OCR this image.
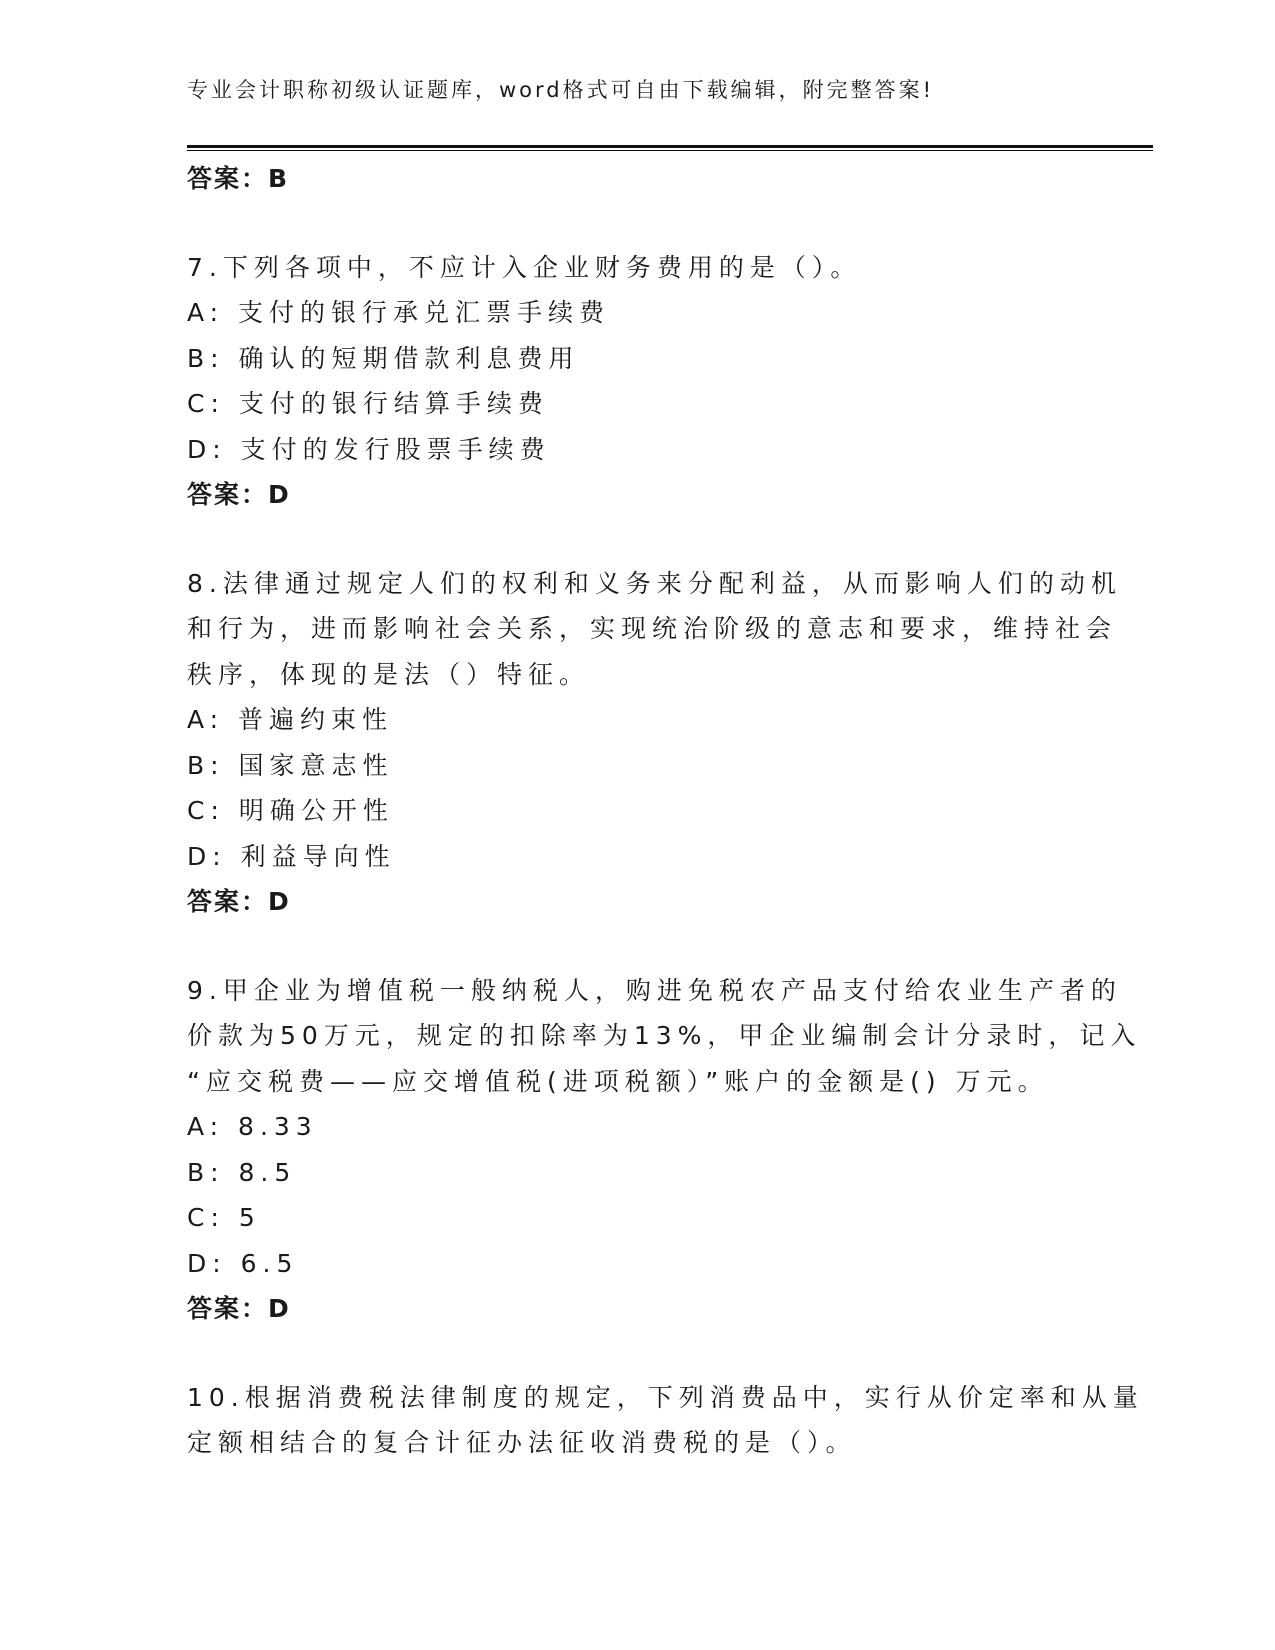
专业会计职称初级认证题库，word格式可自由下载编辑，附完整答案!
答案：B
7.下列各项中，不应计入企业财务费用的是（）。
A: 支付的银行承兑汇票手续费
B: 确认的短期借款利息费用
C: 支付的银行结算手续费
D: 支付的发行股票手续费
答案：D
8.法律通过规定人们的权利和义务来分配利益，从而影响人们的动机
和行为，进而影响社会关系，实现统治阶级的意志和要求，维持社会
秩序，体现的是法（）特征。
A: 普遍约束性
B: 国家意志性
C: 明确公开性
D: 利益导向性
答案：D
9.甲企业为增值税一般纳税人，购进免税农产品支付给农业生产者的
价款为50万元，规定的扣除率为13%，甲企业编制会计分录时，记入
“应交税费——应交增值税(进项税额）”账户的金额是() 万元。
A: 8.33
B: 8.5
C: 5
D: 6.5
答案：D
10.根据消费税法律制度的规定，下列消费品中，实行从价定率和从量
定额相结合的复合计征办法征收消费税的是（）。
